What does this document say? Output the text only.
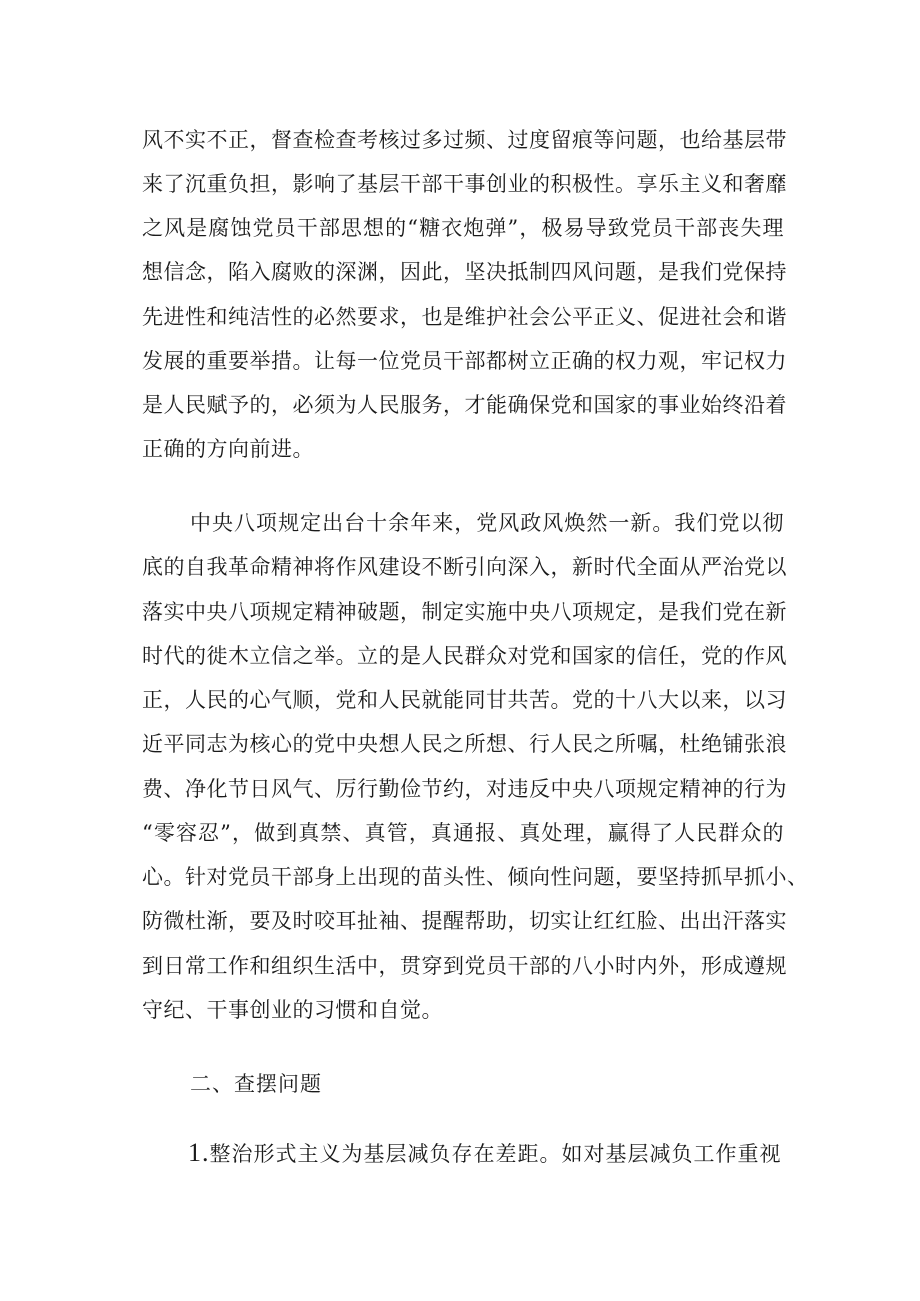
风不实不正，督查检查考核过多过频、过度留痕等问题，也给基层带
来了沉重负担，影响了基层干部干事创业的积极性。享乐主义和奢靡
之风是腐蚀党员干部思想的“糖衣炮弹”，极易导致党员干部丧失理
想信念，陷入腐败的深渊，因此，坚决抵制四风问题，是我们党保持
先进性和纯洁性的必然要求，也是维护社会公平正义、促进社会和谐
发展的重要举措。让每一位党员干部都树立正确的权力观，牢记权力
是人民赋予的，必须为人民服务，才能确保党和国家的事业始终沿着
正确的方向前进。
中央八项规定出台十余年来，党风政风焕然一新。我们党以彻
底的自我革命精神将作风建设不断引向深入，新时代全面从严治党以
落实中央八项规定精神破题，制定实施中央八项规定，是我们党在新
时代的徙木立信之举。立的是人民群众对党和国家的信任，党的作风
正，人民的心气顺，党和人民就能同甘共苦。党的十八大以来，以习
近平同志为核心的党中央想人民之所想、行人民之所嘱，杜绝铺张浪
费、净化节日风气、厉行勤俭节约，对违反中央八项规定精神的行为
“零容忍”，做到真禁、真管，真通报、真处理，赢得了人民群众的
心。针对党员干部身上出现的苗头性、倾向性问题，要坚持抓早抓小、
防微杜渐，要及时咬耳扯袖、提醒帮助，切实让红红脸、出出汗落实
到日常工作和组织生活中，贯穿到党员干部的八小时内外，形成遵规
守纪、干事创业的习惯和自觉。
二、查摆问题
1.整治形式主义为基层减负存在差距。如对基层减负工作重视
